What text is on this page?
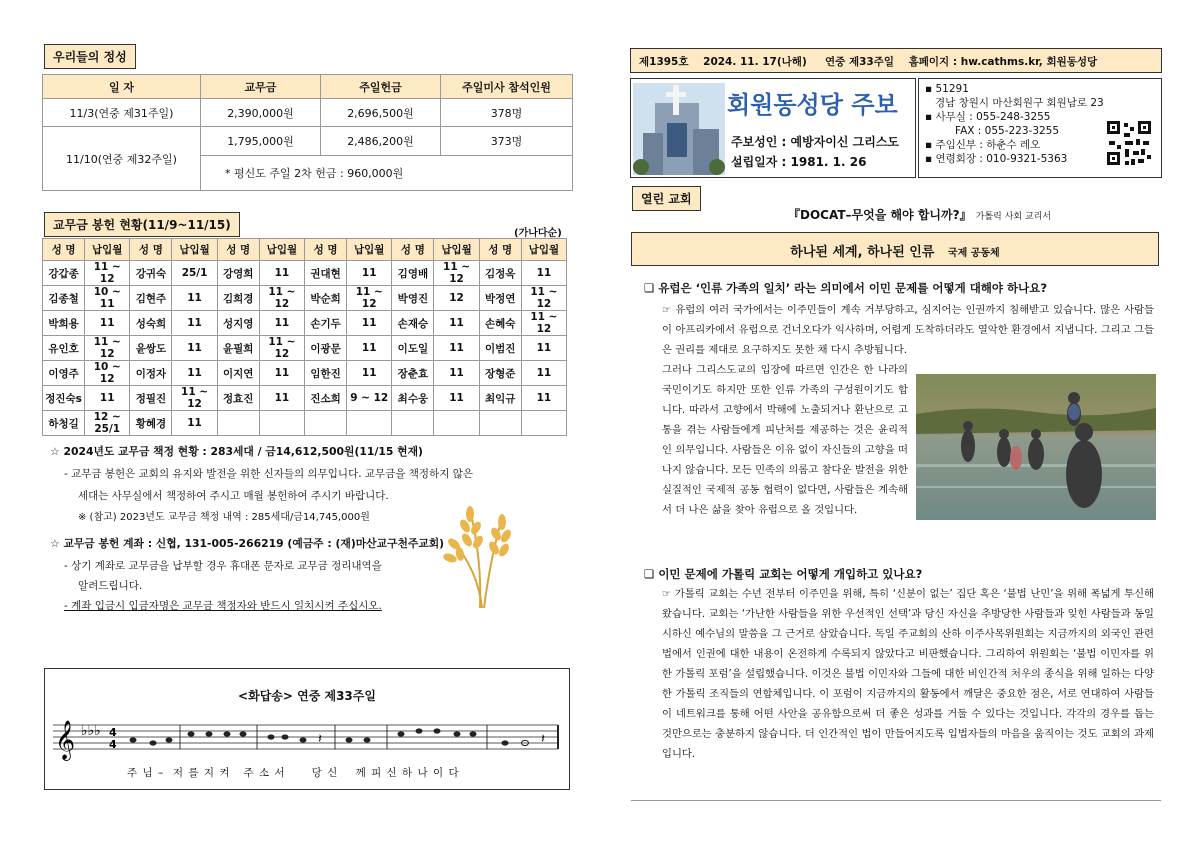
우리들의 정성
일 자	교무금	주일헌금	주일미사 참석인원
11/3(연중 제31주일)	2,390,000원	2,696,500원	378명
11/10(연중 제32주일)	1,795,000원	2,486,200원	373명
	* 평신도 주일 2차 헌금 : 960,000원		
교무금 봉헌 현황(11/9~11/15)
(가나다순)
성 명	납입월	성 명	납입월	성 명	납입월	성 명	납입월	성 명	납입월	성 명	납입월
강갑종	11 ~ 12	강귀숙	25/1	강영희	11	권대현	11	김영배	11 ~ 12	김정옥	11
김종철	10 ~ 11	김현주	11	김희경	11 ~ 12	박순희	11 ~ 12	박영진	12	박정연	11 ~ 12
박희용	11	성숙희	11	성지영	11	손기두	11	손재승	11	손혜숙	11 ~ 12
유인호	11 ~ 12	윤쌍도	11	윤필희	11 ~ 12	이광문	11	이도일	11	이범진	11
이영주	10 ~ 12	이정자	11	이지연	11	임한진	11	장춘효	11	장형준	11
정진숙s	11	정필진	11 ~ 12	정효진	11	진소희	9 ~ 12	최수웅	11	최익규	11
하청길	12 ~ 25/1	황혜경	11								
☆ 2024년도 교무금 책정 현황 : 283세대 / 금14,612,500원(11/15 현재)
- 교무금 봉헌은 교회의 유지와 발전을 위한 신자들의 의무입니다. 교무금을 책정하지 않은
세대는 사무실에서 책정하여 주시고 매월 봉헌하여 주시기 바랍니다.
※ (참고) 2023년도 교무금 책정 내역 : 285세대/금14,745,000원
☆ 교무금 봉헌 계좌 : 신협, 131-005-266219 (예금주 : (재)마산교구천주교회)
- 상기 계좌로 교무금을 납부할 경우 휴대폰 문자로 교무금 정리내역을
알려드립니다.
- 계좌 입금시 입금자명은 교무금 책정자와 반드시 일치시켜 주십시오.
<화답송> 연중 제33주일
𝄞 ♭♭♭ 4
4	𝄽	𝄽
주 님 –  저 를 지 켜   주 소 서      당 신    께 피 신 하 나 이 다
제1395호    2024. 11. 17(나해)     연중 제33주일    홈페이지 : hw.cathms.kr, 회원동성당
회원동성당 주보
주보성인 : 예방자이신 그리스도
설립일자 : 1981. 1. 26
▪ 51291
경남 창원시 마산회원구 회원남로 23
▪ 사무실 : 055-248-3255
FAX : 055-223-3255
▪ 주임신부 : 하춘수 레오
▪ 연령회장 : 010-9321-5363
열린 교회
『DOCAT–무엇을 해야 합니까?』 가톨릭 사회 교리서
하나된 세계, 하나된 인류 국제 공동체
❑ 유럽은 ‘인류 가족의 일치’ 라는 의미에서 이민 문제를 어떻게 대해야 하나요?
☞ 유럽의 여러 국가에서는 이주민들이 계속 거부당하고, 심지어는 인권까지 침해받고 있습니다. 많은 사람들이 아프리카에서 유럽으로 건너오다가 익사하며, 어렵게 도착하더라도 열악한 환경에서 지냅니다. 그리고 그들은 권리를 제대로 요구하지도 못한 채 다시 추방됩니다.
그러나 그리스도교의 입장에 따르면 인간은 한 나라의 국민이기도 하지만 또한 인류 가족의 구성원이기도 합니다. 따라서 고향에서 박해에 노출되거나 환난으로 고통을 겪는 사람들에게 피난처를 제공하는 것은 윤리적인 의무입니다. 사람들은 이유 없이 자신들의 고향을 떠나지 않습니다. 모든 민족의 의롭고 참다운 발전을 위한 실질적인 국제적 공동 협력이 없다면, 사람들은 계속해서 더 나은 삶을 찾아 유럽으로 올 것입니다.
❑ 이민 문제에 가톨릭 교회는 어떻게 개입하고 있나요?
☞ 가톨릭 교회는 수년 전부터 이주민을 위해, 특히 ‘신분이 없는’ 집단 혹은 ‘불법 난민’을 위해 폭넓게 투신해 왔습니다. 교회는 ‘가난한 사람들을 위한 우선적인 선택’과 당신 자신을 추방당한 사람들과 잊힌 사람들과 동일시하신 예수님의 말씀을 그 근거로 삼았습니다. 독일 주교회의 산하 이주사목위원회는 지금까지의 외국인 관련 법에서 인권에 대한 내용이 온전하게 수록되지 않았다고 비판했습니다. 그리하여 위원회는 ‘불법 이민자를 위한 가톨릭 포럼’을 설립했습니다. 이것은 불법 이민자와 그들에 대한 비인간적 처우의 종식을 위해 일하는 다양한 가톨릭 조직들의 연합체입니다. 이 포럼이 지금까지의 활동에서 깨달은 중요한 점은, 서로 연대하여 사람들이 네트워크를 통해 어떤 사안을 공유함으로써 더 좋은 성과를 거둘 수 있다는 것입니다. 각각의 경우를 돕는 것만으로는 충분하지 않습니다. 더 인간적인 법이 만들어지도록 입법자들의 마음을 움직이는 것도 교회의 과제입니다.
